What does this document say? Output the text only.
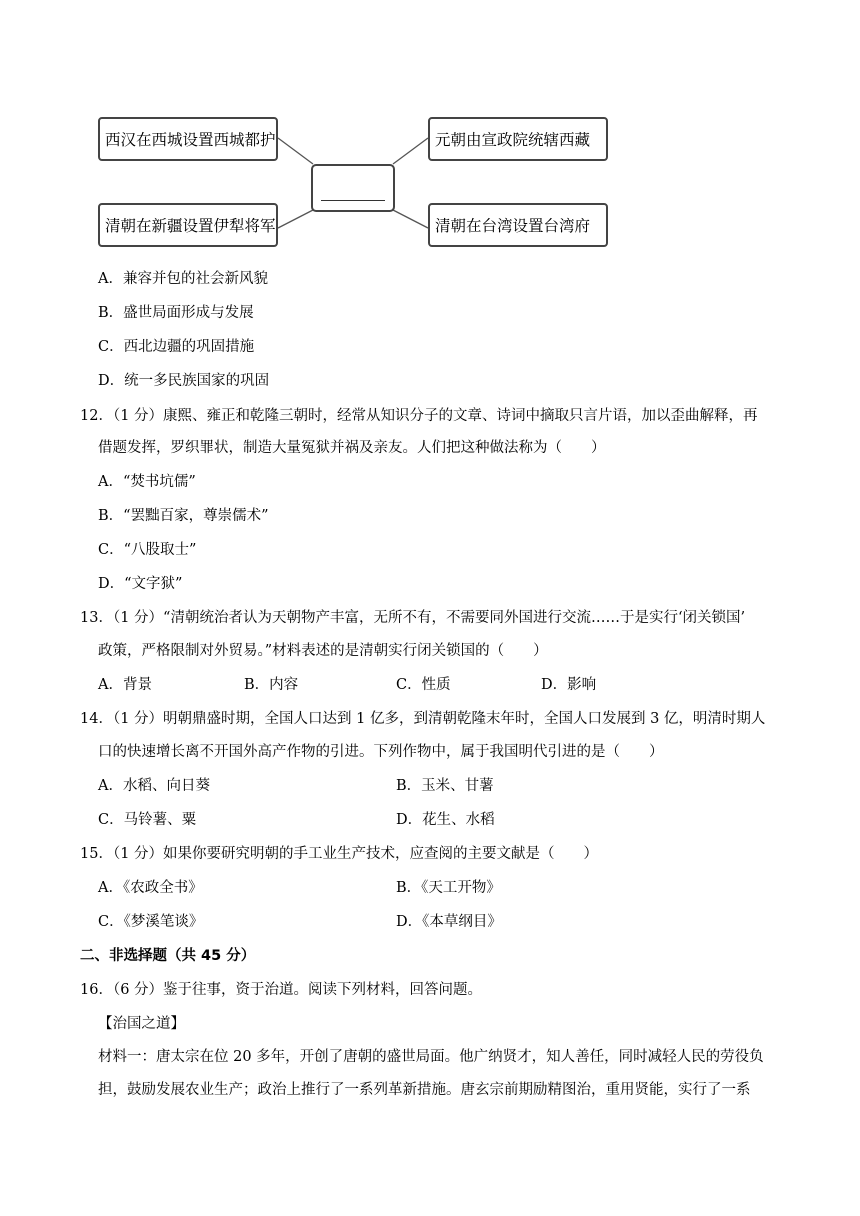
西汉在西城设置西城都护	元朝由宣政院统辖西藏
清朝在新疆设置伊犁将军	清朝在台湾设置台湾府
A．兼容并包的社会新风貌
B．盛世局面形成与发展
C．西北边疆的巩固措施
D．统一多民族国家的巩固
12．（1 分）康熙、雍正和乾隆三朝时，经常从知识分子的文章、诗词中摘取只言片语，加以歪曲解释，再
借题发挥，罗织罪状，制造大量冤狱并祸及亲友。人们把这种做法称为（　　）
A．“焚书坑儒”
B．“罢黜百家，尊崇儒术”
C．“八股取士”
D．“文字狱”
13．（1 分）“清朝统治者认为天朝物产丰富，无所不有，不需要同外国进行交流……于是实行‘闭关锁国’
政策，严格限制对外贸易。”材料表述的是清朝实行闭关锁国的（　　）
A．背景	B．内容	C．性质	D．影响
14．（1 分）明朝鼎盛时期，全国人口达到 1 亿多，到清朝乾隆末年时，全国人口发展到 3 亿，明清时期人
口的快速增长离不开国外高产作物的引进。下列作物中，属于我国明代引进的是（　　）
A．水稻、向日葵	B．玉米、甘薯
C．马铃薯、粟	D．花生、水稻
15．（1 分）如果你要研究明朝的手工业生产技术，应查阅的主要文献是（　　）
A．《农政全书》	B．《天工开物》
C．《梦溪笔谈》	D．《本草纲目》
二、非选择题（共 45 分）
16．（6 分）鉴于往事，资于治道。阅读下列材料，回答问题。
【治国之道】
材料一：唐太宗在位 20 多年，开创了唐朝的盛世局面。他广纳贤才，知人善任，同时减轻人民的劳役负
担，鼓励发展农业生产；政治上推行了一系列革新措施。唐玄宗前期励精图治，重用贤能，实行了一系
